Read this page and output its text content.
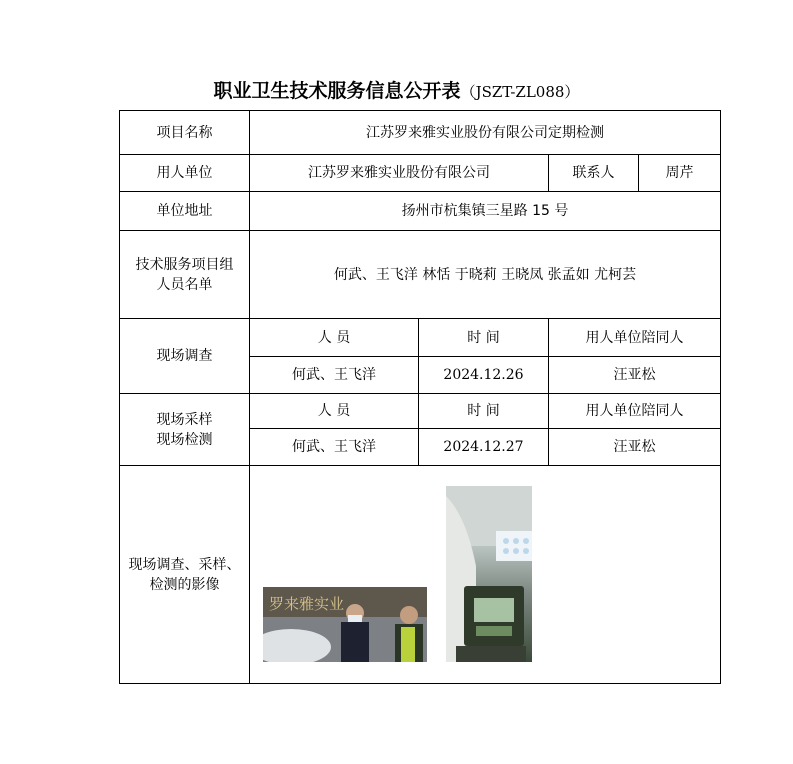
职业卫生技术服务信息公开表（JSZT-ZL088）
项目名称	江苏罗来雅实业股份有限公司定期检测			
用人单位	江苏罗来雅实业股份有限公司		联系人	周芹
单位地址	扬州市杭集镇三星路 15 号			
技术服务项目组人员名单	何武、王飞洋 林恬 于晓莉 王晓凤 张孟如 尤柯芸			
现场调查	人 员	时 间	用人单位陪同人	
	何武、王飞洋	2024.12.26	汪亚松	
现场采样现场检测	人 员	时 间	用人单位陪同人	
	何武、王飞洋	2024.12.27	汪亚松	
现场调查、采样、检测的影像	罗来雅实业			
